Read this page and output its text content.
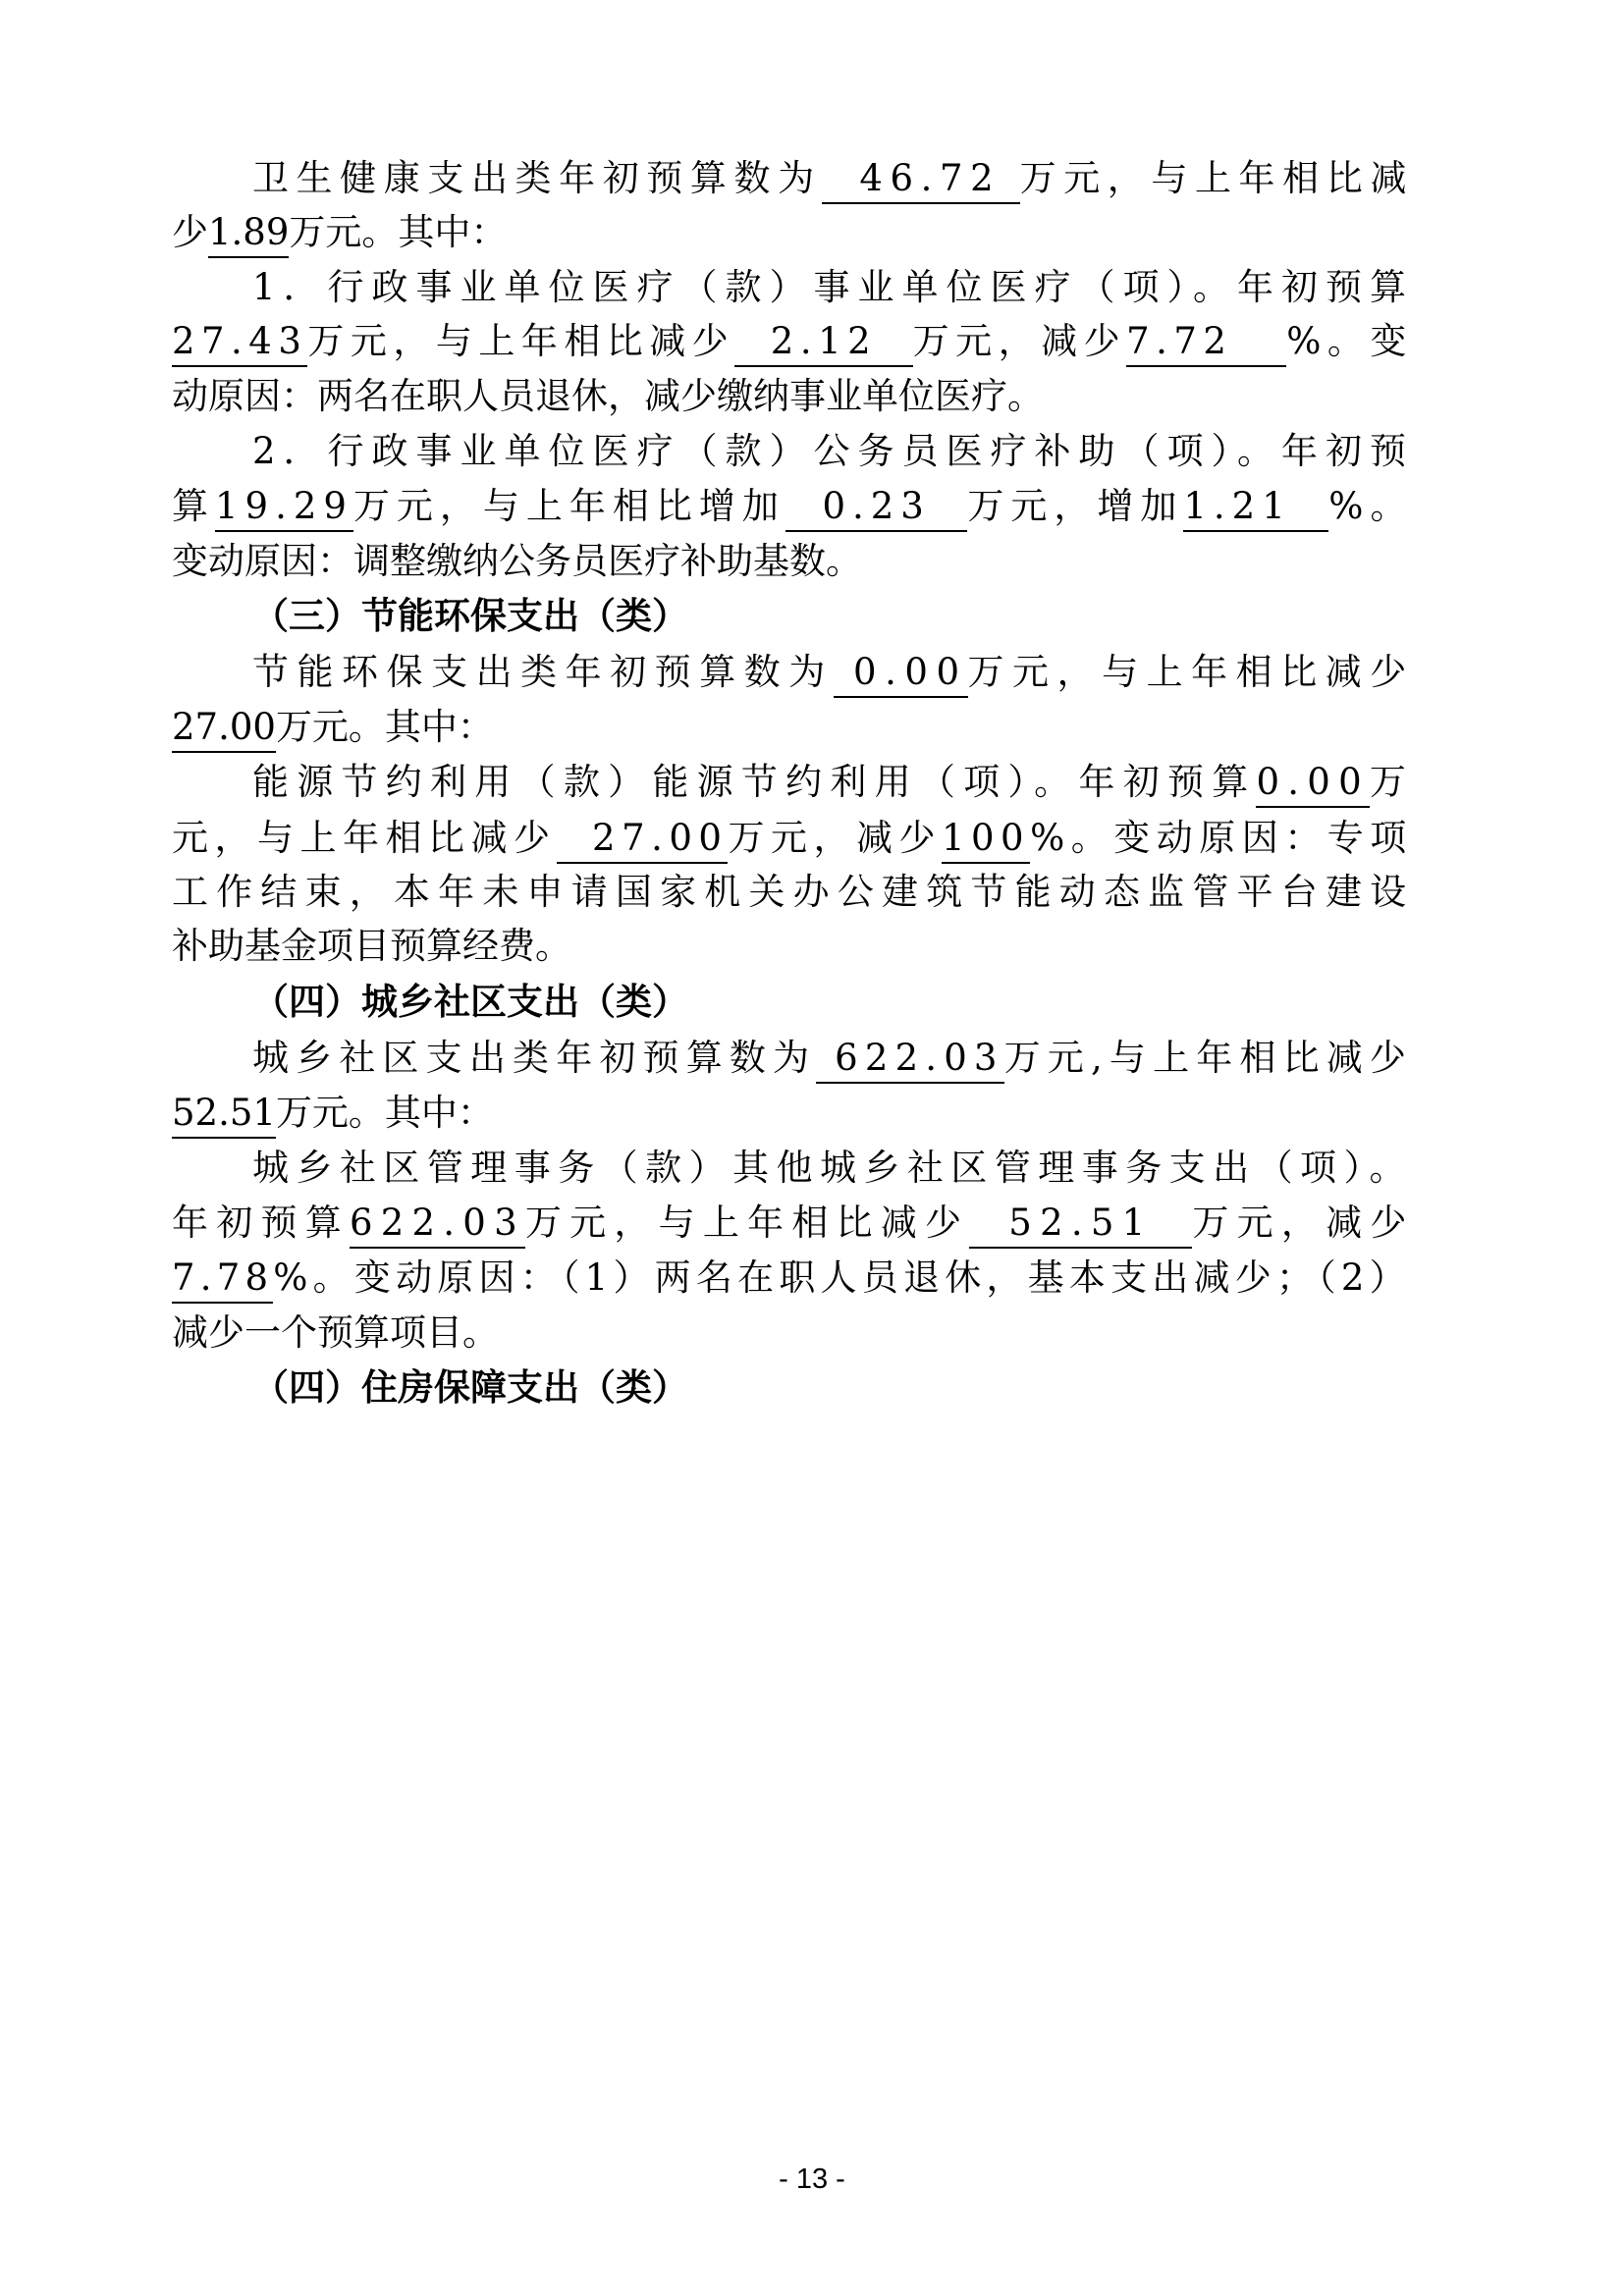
卫生健康支出类年初预算数为  46.72 万元，与上年相比减
少1.89万元。其中：
1．行政事业单位医疗（款）事业单位医疗（项）。年初预算
27.43万元，与上年相比减少  2.12  万元，减少7.72   %。变
动原因：两名在职人员退休，减少缴纳事业单位医疗。
2．行政事业单位医疗（款）公务员医疗补助（项）。年初预
算19.29万元，与上年相比增加  0.23  万元，增加1.21  %。
变动原因：调整缴纳公务员医疗补助基数。
（三）节能环保支出（类）
节能环保支出类年初预算数为 0.00万元，与上年相比减少
27.00万元。其中：
能源节约利用（款）能源节约利用（项）。年初预算0.00万
元，与上年相比减少  27.00万元，减少100%。变动原因：专项
工作结束，本年未申请国家机关办公建筑节能动态监管平台建设
补助基金项目预算经费。
（四）城乡社区支出（类）
城乡社区支出类年初预算数为 622.03万元,与上年相比减少
52.51万元。其中：
城乡社区管理事务（款）其他城乡社区管理事务支出（项）。
年初预算622.03万元，与上年相比减少  52.51  万元，减少
7.78%。变动原因：（1）两名在职人员退休，基本支出减少；（2）
减少一个预算项目。
（四）住房保障支出（类）
- 13 -
